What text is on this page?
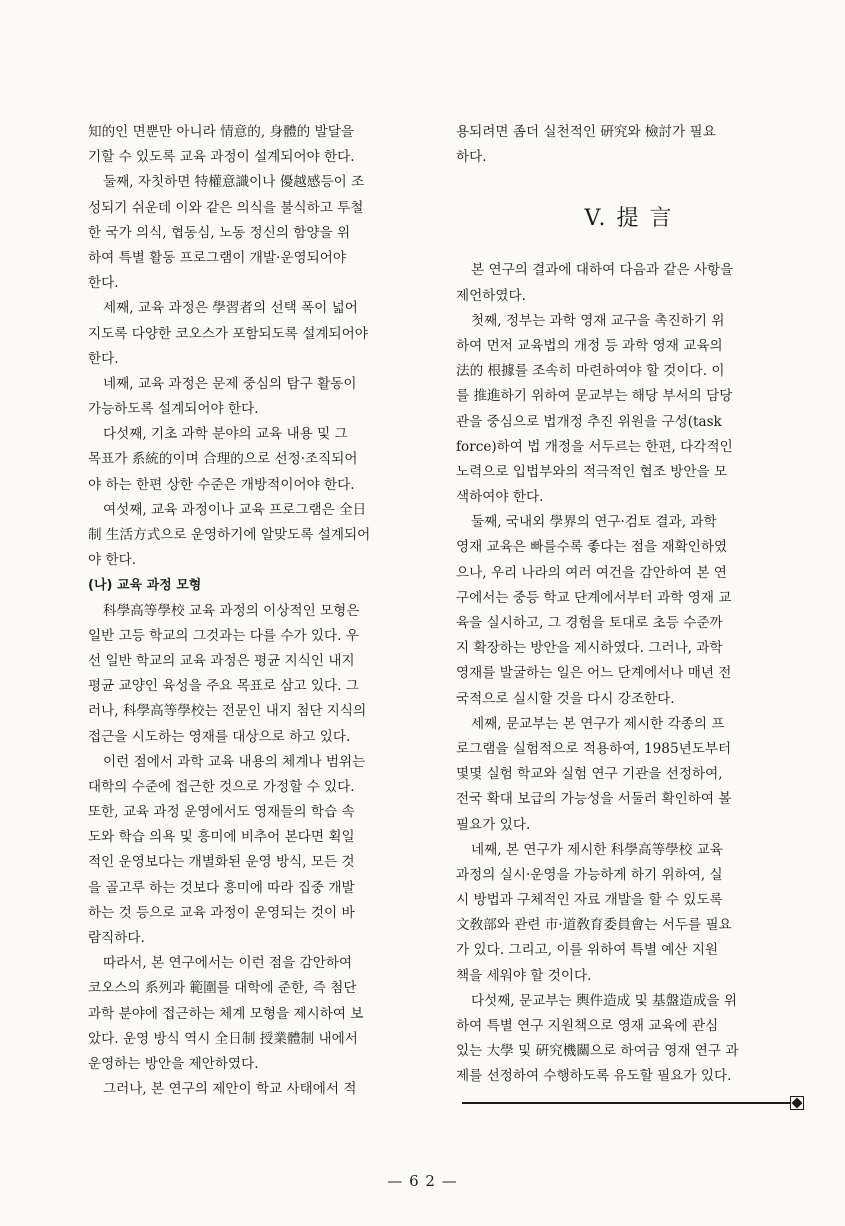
知的인 면뿐만 아니라 情意的, 身體的 발달을
기할 수 있도록 교육 과정이 설계되어야 한다.
둘째, 자칫하면 特權意識이나 優越感등이 조
성되기 쉬운데 이와 같은 의식을 불식하고 투철
한 국가 의식, 협동심, 노동 정신의 함양을 위
하여 특별 활동 프로그램이 개발·운영되어야
한다.
세째, 교육 과정은 學習者의 선택 폭이 넓어
지도록 다양한 코오스가 포함되도록 설계되어야
한다.
네째, 교육 과정은 문제 중심의 탐구 활동이
가능하도록 설계되어야 한다.
다섯째, 기초 과학 분야의 교육 내용 및 그
목표가 系統的이며 合理的으로 선정·조직되어
야 하는 한편 상한 수준은 개방적이어야 한다.
여섯째, 교육 과정이나 교육 프로그램은 全日
制 生活方式으로 운영하기에 알맞도록 설계되어
야 한다.
(나) 교육 과정 모형
科學高等學校 교육 과정의 이상적인 모형은
일반 고등 학교의 그것과는 다를 수가 있다. 우
선 일반 학교의 교육 과정은 평균 지식인 내지
평균 교양인 육성을 주요 목표로 삼고 있다. 그
러나, 科學高等學校는 전문인 내지 첨단 지식의
접근을 시도하는 영재를 대상으로 하고 있다.
이런 점에서 과학 교육 내용의 체계나 범위는
대학의 수준에 접근한 것으로 가정할 수 있다.
또한, 교육 과정 운영에서도 영재들의 학습 속
도와 학습 의욕 및 흥미에 비추어 본다면 획일
적인 운영보다는 개별화된 운영 방식, 모든 것
을 골고루 하는 것보다 흥미에 따라 집중 개발
하는 것 등으로 교육 과정이 운영되는 것이 바
람직하다.
따라서, 본 연구에서는 이런 점을 감안하여
코오스의 系列과 範圍를 대학에 준한, 즉 첨단
과학 분야에 접근하는 체계 모형을 제시하여 보
았다. 운영 방식 역시 全日制 授業體制 내에서
운영하는 방안을 제안하였다.
그러나, 본 연구의 제안이 학교 사태에서 적
용되려면 좀더 실천적인 硏究와 檢討가 필요
하다.
V. 提 言
본 연구의 결과에 대하여 다음과 같은 사항을
제언하였다.
첫째, 정부는 과학 영재 교구을 촉진하기 위
하여 먼저 교육법의 개정 등 과학 영재 교육의
法的 根據를 조속히 마련하여야 할 것이다. 이
를 推進하기 위하여 문교부는 해당 부서의 담당
관을 중심으로 법개정 추진 위원을 구성(task
force)하여 법 개정을 서두르는 한편, 다각적인
노력으로 입법부와의 적극적인 협조 방안을 모
색하여야 한다.
둘째, 국내외 學界의 연구·검토 결과, 과학
영재 교육은 빠를수록 좋다는 점을 재확인하였
으나, 우리 나라의 여러 여건을 감안하여 본 연
구에서는 중등 학교 단계에서부터 과학 영재 교
육을 실시하고, 그 경험을 토대로 초등 수준까
지 확장하는 방안을 제시하였다. 그러나, 과학
영재를 발굴하는 일은 어느 단계에서나 매년 전
국적으로 실시할 것을 다시 강조한다.
세째, 문교부는 본 연구가 제시한 각종의 프
로그램을 실험적으로 적용하여, 1985년도부터
몇몇 실험 학교와 실험 연구 기관을 선정하여,
전국 확대 보급의 가능성을 서둘러 확인하여 볼
필요가 있다.
네째, 본 연구가 제시한 科學高等學校 교육
과정의 실시·운영을 가능하게 하기 위하여, 실
시 방법과 구체적인 자료 개발을 할 수 있도록
文敎部와 관련 市·道敎育委員會는 서두를 필요
가 있다. 그리고, 이를 위하여 특별 예산 지원
책을 세워야 할 것이다.
다섯째, 문교부는 輿件造成 및 基盤造成을 위
하여 특별 연구 지원책으로 영재 교육에 관심
있는 大學 및 硏究機關으로 하여금 영재 연구 과
제를 선정하여 수행하도록 유도할 필요가 있다.
— 6 2 —
